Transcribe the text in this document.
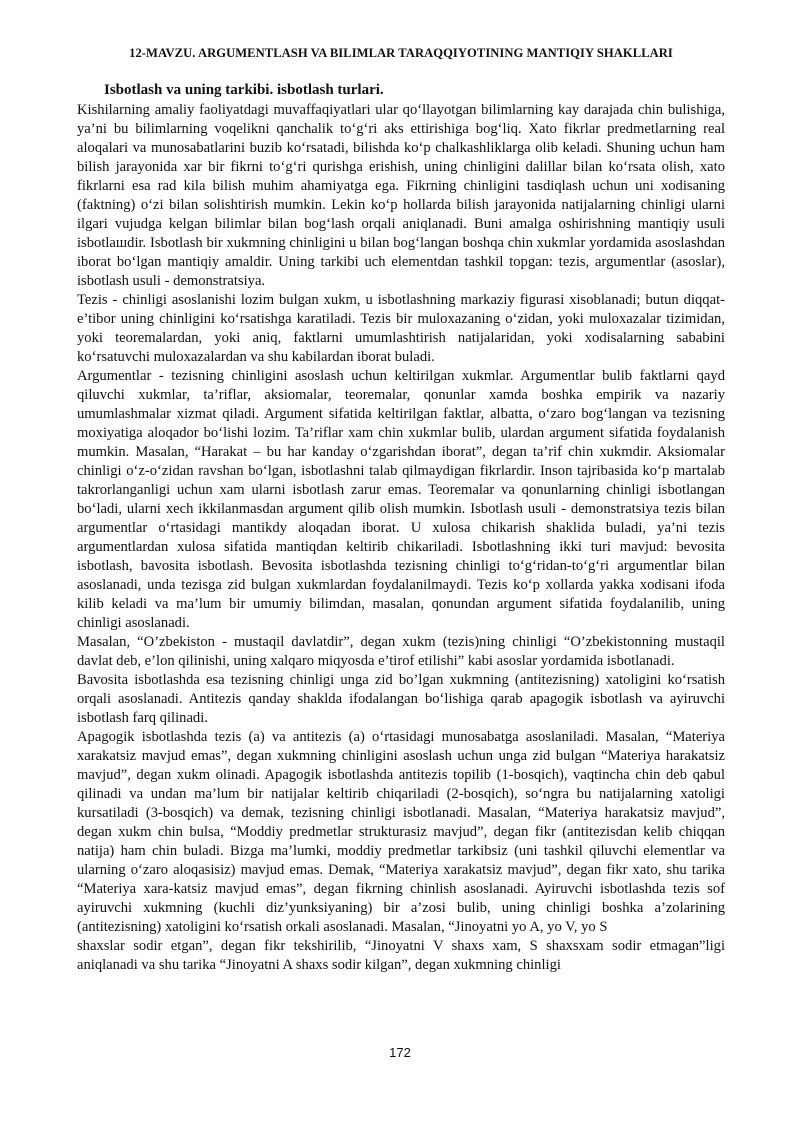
12-MAVZU. ARGUMENTLASH VA BILIMLAR TARAQQIYOTINING MANTIQIY SHAKLLARI
Isbotlash va uning tarkibi. isbotlash turlari.

Kishilarning amaliy faoliyatdagi muvaffaqiyatlari ular qo‘llayotgan bilimlarning kay darajada chin bulishiga, ya’ni bu bilimlarning voqelikni qanchalik to‘g‘ri aks ettirishiga bog‘liq. Xato fikrlar predmetlarning real aloqalari va munosabatlarini buzib ko‘rsatadi, bilishda ko‘p chalkashliklarga olib keladi. Shuning uchun ham bilish jarayonida xar bir fikrni to‘g‘ri qurishga erishish, uning chinligini dalillar bilan ko‘rsata olish, xato fikrlarni esa rad kila bilish muhim ahamiyatga ega. Fikrning chinligini tasdiqlash uchun uni xodisaning (faktning) o‘zi bilan solishtirish mumkin. Lekin ko‘p hollarda bilish jarayonida natijalarning chinligi ularni ilgari vujudga kelgan bilimlar bilan bog‘lash orqali aniqlanadi. Buni amalga oshirishning mantiqiy usuli isbotlaшdir. Isbotlash bir xukmning chinligini u bilan bog‘langan boshqa chin xukmlar yordamida asoslashdan iborat bo‘lgan mantiqiy amaldir. Uning tarkibi uch elementdan tashkil topgan: tezis, argumentlar (asoslar), isbotlash usuli - demonstratsiya.

Tezis - chinligi asoslanishi lozim bulgan xukm, u isbotlashning markaziy figurasi xisoblanadi; butun diqqat-e’tibor uning chinligini ko‘rsatishga karatiladi. Tezis bir muloxazaning o‘zidan, yoki muloxazalar tizimidan, yoki teoremalardan, yoki aniq, faktlarni umumlashtirish natijalaridan, yoki xodisalarning sababini ko‘rsatuvchi muloxazalardan va shu kabilardan iborat buladi.

Argumentlar - tezisning chinligini asoslash uchun keltirilgan xukmlar. Argumentlar bulib faktlarni qayd qiluvchi xukmlar, ta’riflar, aksiomalar, teoremalar, qonunlar xamda boshka empirik va nazariy umumlashmalar xizmat qiladi. Argument sifatida keltirilgan faktlar, albatta, o‘zaro bog‘langan va tezisning moxiyatiga aloqador bo‘lishi lozim. Ta’riflar xam chin xukmlar bulib, ulardan argument sifatida foydalanish mumkin. Masalan, “Harakat – bu har kanday o‘zgarishdan iborat”, degan ta’rif chin xukmdir. Aksiomalar chinligi o‘z-o‘zidan ravshan bo‘lgan, isbotlashni talab qilmaydigan fikrlardir. Inson tajribasida ko‘p martalab takrorlanganligi uchun xam ularni isbotlash zarur emas. Teoremalar va qonunlarning chinligi isbotlangan bo‘ladi, ularni xech ikkilanmasdan argument qilib olish mumkin. Isbotlash usuli - demonstratsiya tezis bilan argumentlar o‘rtasidagi mantikdy aloqadan iborat. U xulosa chikarish shaklida buladi, ya’ni tezis argumentlardan xulosa sifatida mantiqdan keltirib chikariladi. Isbotlashning ikki turi mavjud: bevosita isbotlash, bavosita isbotlash. Bevosita isbotlashda tezisning chinligi to‘g‘ridan-to‘g‘ri argumentlar bilan asoslanadi, unda tezisga zid bulgan xukmlardan foydalanilmaydi. Tezis ko‘p xollarda yakka xodisani ifoda kilib keladi va ma’lum bir umumiy bilimdan, masalan, qonundan argument sifatida foydalanilib, uning chinligi asoslanadi.

Masalan, “O’zbekiston - mustaqil davlatdir”, degan xukm (tezis)ning chinligi “O’zbekistonning mustaqil davlat deb, e’lon qilinishi, uning xalqaro miqyosda e’tirof etilishi” kabi asoslar yordamida isbotlanadi.

Bavosita isbotlashda esa tezisning chinligi unga zid bo’lgan xukmning (antitezisning) xatoligini ko‘rsatish orqali asoslanadi. Antitezis qanday shaklda ifodalangan bo‘lishiga qarab apagogik isbotlash va ayiruvchi isbotlash farq qilinadi.

Apagogik isbotlashda tezis (a) va antitezis (a) o‘rtasidagi munosabatga asoslaniladi. Masalan, “Materiya xarakatsiz mavjud emas”, degan xukmning chinligini asoslash uchun unga zid bulgan “Materiya harakatsiz mavjud”, degan xukm olinadi. Apagogik isbotlashda antitezis topilib (1-bosqich), vaqtincha chin deb qabul qilinadi va undan ma’lum bir natijalar keltirib chiqariladi (2-bosqich), so‘ngra bu natijalarning xatoligi kursatiladi (3-bosqich) va demak, tezisning chinligi isbotlanadi. Masalan, “Materiya harakatsiz mavjud”, degan xukm chin bulsa, “Moddiy predmetlar strukturasiz mavjud”, degan fikr (antitezisdan kelib chiqqan natija) ham chin buladi. Bizga ma’lumki, moddiy predmetlar tarkibsiz (uni tashkil qiluvchi elementlar va ularning o‘zaro aloqasisiz) mavjud emas. Demak, “Materiya xarakatsiz mavjud”, degan fikr xato, shu tarika “Materiya xara-katsiz mavjud emas”, degan fikrning chinlish asoslanadi. Ayiruvchi isbotlashda tezis sof ayiruvchi xukmning (kuchli diz’yunksiyaning) bir a’zosi bulib, uning chinligi boshka a’zolarining (antitezisning) xatoligini ko‘rsatish orkali asoslanadi. Masalan, “Jinoyatni yo A, yo V, yo S

shaxslar sodir etgan”, degan fikr tekshirilib, “Jinoyatni V shaxs xam, S shaxsxam sodir etmagan”ligi aniqlanadi va shu tarika “Jinoyatni A shaxs sodir kilgan”, degan xukmning chinligi

172
